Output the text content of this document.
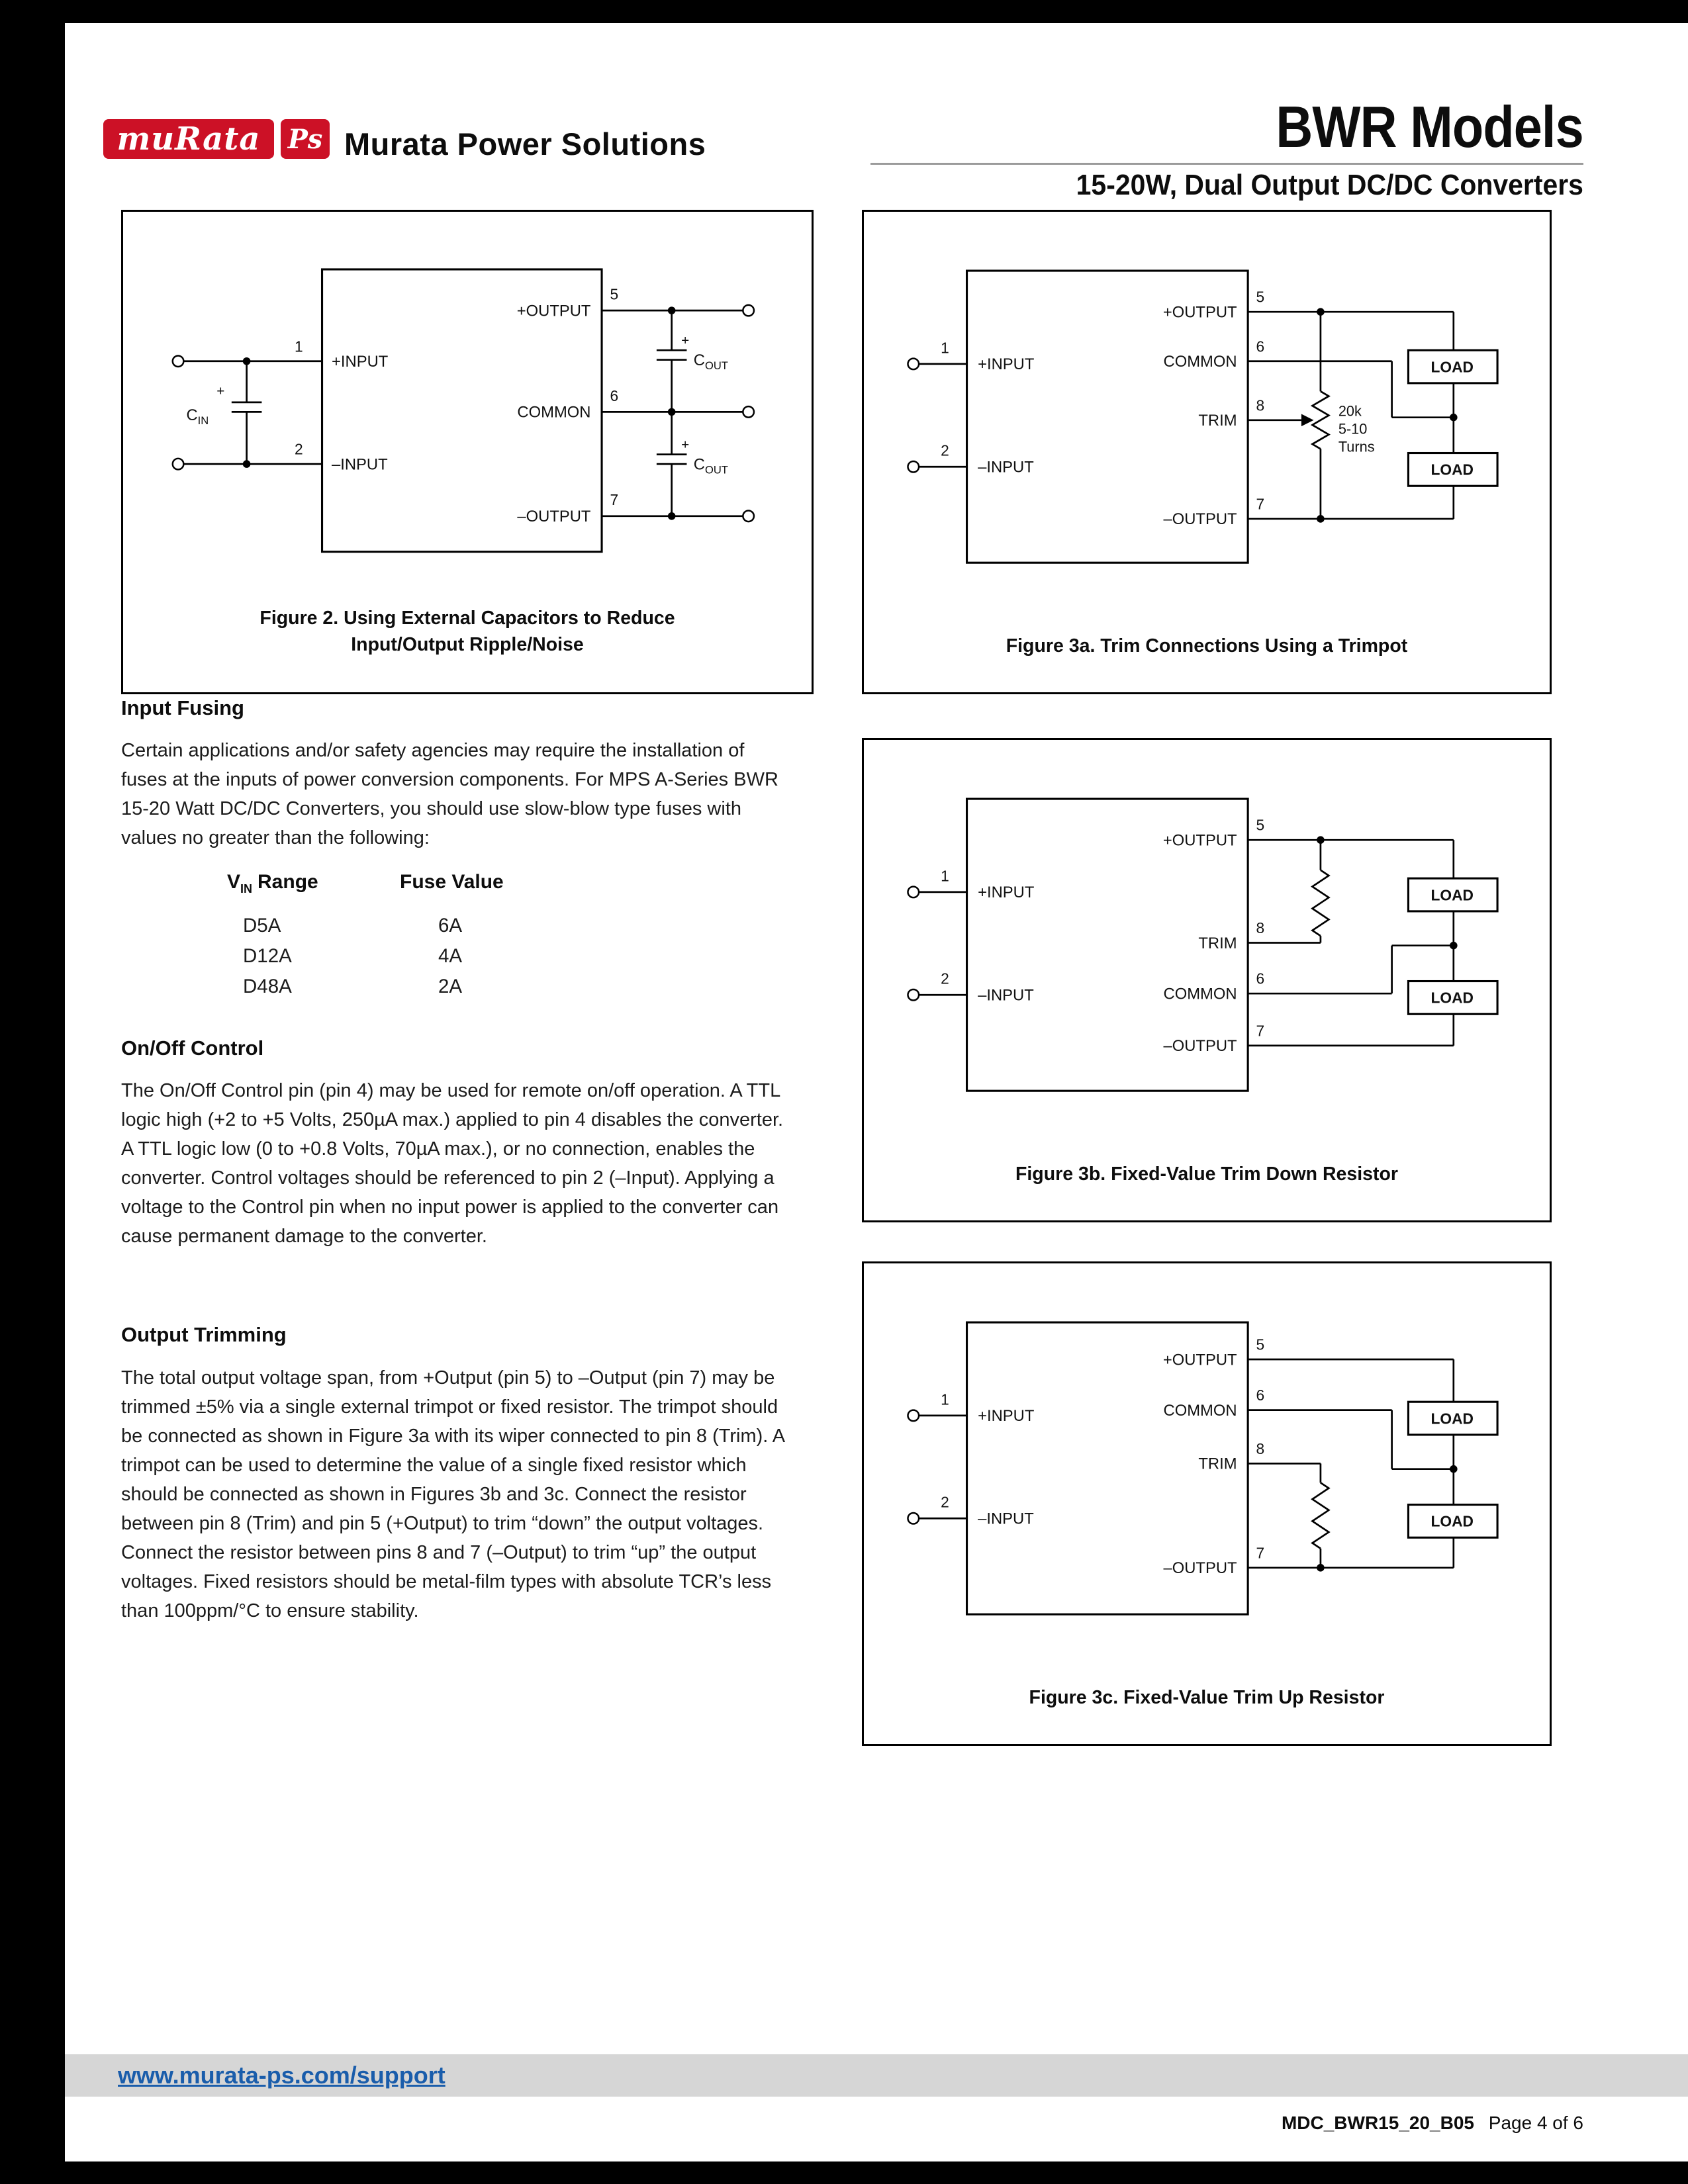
muRata Ps Murata Power Solutions	BWR Models
15-20W, Dual Output DC/DC Converters
1
2
+INPUT
–INPUT
+OUTPUT
COMMON
–OUTPUT
5
6
7
+
$C_{IN}$
+
$C_{OUT}$
+
$C_{OUT}$
Figure 2. Using External Capacitors to Reduce
Input/Output Ripple/Noise
1
+INPUT
2
–INPUT
+OUTPUT
COMMON
TRIM
–OUTPUT
5
6
8
7
20k
5-10
Turns
LOAD
LOAD
Figure 3a. Trim Connections Using a Trimpot
1
+INPUT
2
–INPUT
+OUTPUT
TRIM
COMMON
–OUTPUT
5
8
6
7
LOAD
LOAD
Figure 3b. Fixed-Value Trim Down Resistor
1
+INPUT
2
–INPUT
+OUTPUT
COMMON
TRIM
–OUTPUT
5
6
8
7
LOAD
LOAD
Figure 3c. Fixed-Value Trim Up Resistor
Input Fusing
Certain applications and/or safety agencies may require the installation of fuses at the inputs of power conversion components. For MPS A-Series BWR 15-20 Watt DC/DC Converters, you should use slow-blow type fuses with values no greater than the following:
$V_{IN}$ Range	Fuse Value
D5A	6A
D12A	4A
D48A	2A
On/Off Control
The On/Off Control pin (pin 4) may be used for remote on/off operation. A TTL logic high (+2 to +5 Volts, 250µA max.) applied to pin 4 disables the converter. A TTL logic low (0 to +0.8 Volts, 70µA max.), or no connection, enables the converter. Control voltages should be referenced to pin 2 (–Input). Applying a voltage to the Control pin when no input power is applied to the converter can cause permanent damage to the converter.
Output Trimming
The total output voltage span, from +Output (pin 5) to –Output (pin 7) may be trimmed ±5% via a single external trimpot or fixed resistor. The trimpot should be connected as shown in Figure 3a with its wiper connected to pin 8 (Trim). A trimpot can be used to determine the value of a single fixed resistor which should be connected as shown in Figures 3b and 3c. Connect the resistor between pin 8 (Trim) and pin 5 (+Output) to trim “down” the output voltages. Connect the resistor between pins 8 and 7 (–Output) to trim “up” the output voltages. Fixed resistors should be metal-film types with absolute TCR’s less than 100ppm/°C to ensure stability.
www.murata-ps.com/support
MDC_BWR15_20_B05 Page 4 of 6
